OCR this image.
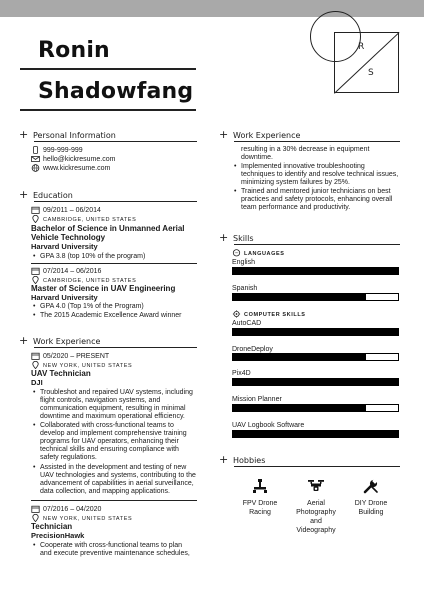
Ronin
Shadowfang
R
S
+ Personal Information
999-999-999
hello@kickresume.com
www.kickresume.com
+ Education
09/2011 – 06/2014
CAMBRIDGE, UNITED STATES
Bachelor of Science in Unmanned Aerial
Vehicle Technology
Harvard University
• GPA 3.8 (top 10% of the program)
07/2014 – 06/2016
CAMBRIDGE, UNITED STATES
Master of Science in UAV Engineering
Harvard University
• GPA 4.0 (Top 1% of the Program)
• The 2015 Academic Excellence Award winner
+ Work Experience
05/2020 – PRESENT
NEW YORK, UNITED STATES
UAV Technician
DJI
• Troubleshot and repaired UAV systems, including
flight controls, navigation systems, and
communication equipment, resulting in minimal
downtime and maximum operational efficiency.
• Collaborated with cross-functional teams to
develop and implement comprehensive training
programs for UAV operators, enhancing their
technical skills and ensuring compliance with
safety regulations.
• Assisted in the development and testing of new
UAV technologies and systems, contributing to the
advancement of capabilities in aerial surveillance,
data collection, and mapping applications.
07/2016 – 04/2020
NEW YORK, UNITED STATES
Technician
PrecisionHawk
• Cooperate with cross-functional teams to plan
and execute preventive maintenance schedules,
+ Work Experience
resulting in a 30% decrease in equipment
downtime.
• Implemented innovative troubleshooting
techniques to identify and resolve technical issues,
minimizing system failures by 25%.
• Trained and mentored junior technicians on best
practices and safety protocols, enhancing overall
team performance and productivity.
+ Skills
LANGUAGES
English
Spanish
COMPUTER SKILLS
AutoCAD
DroneDeploy
Pix4D
Mission Planner
UAV Logbook Software
+ Hobbies
FPV Drone
Racing
Aerial
Photography
and
Videography
DIY Drone
Building
